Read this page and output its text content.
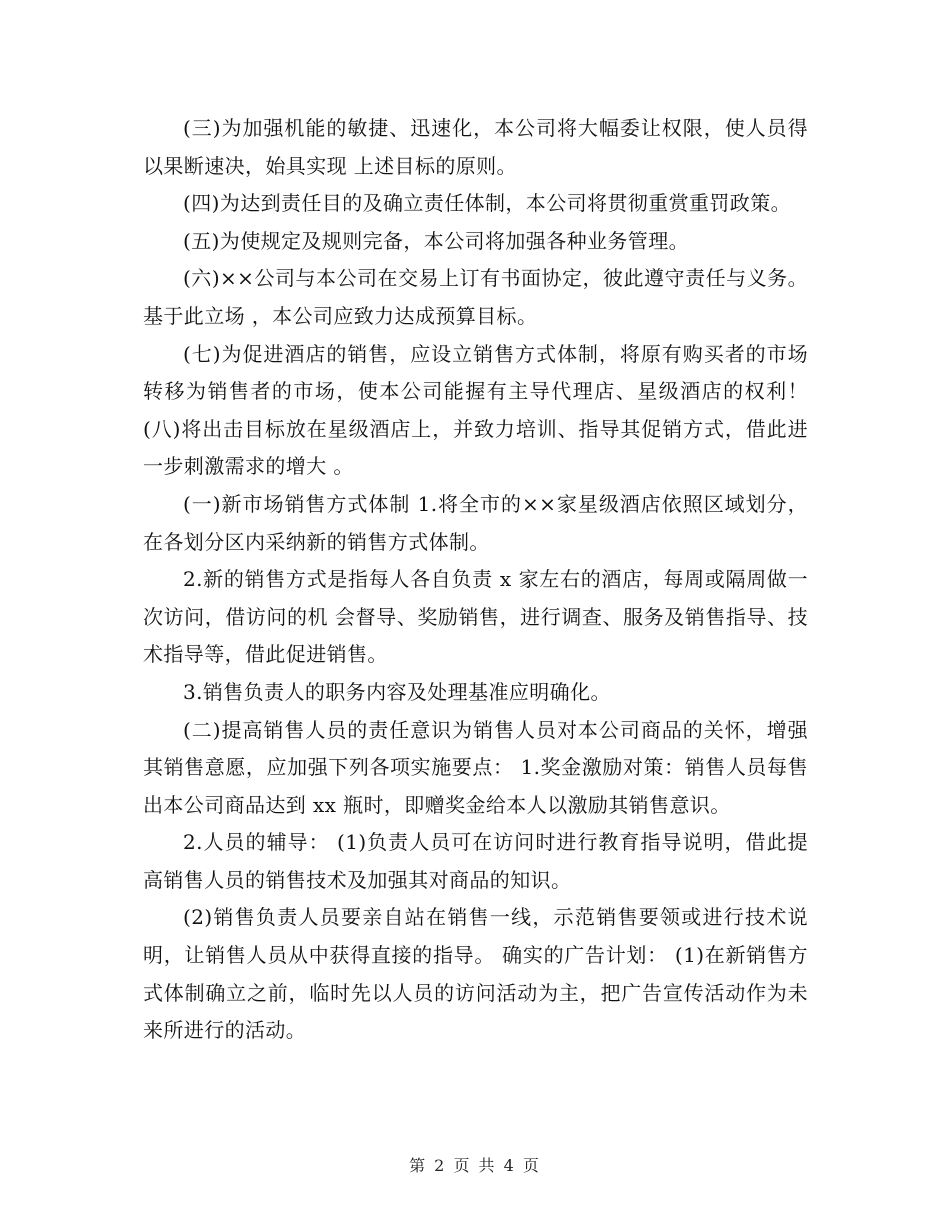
(三)为加强机能的敏捷、迅速化，本公司将大幅委让权限，使人员得以果断速决，始具实现 上述目标的原则。

(四)为达到责任目的及确立责任体制，本公司将贯彻重赏重罚政策。

(五)为使规定及规则完备，本公司将加强各种业务管理。

(六)××公司与本公司在交易上订有书面协定，彼此遵守责任与义务。基于此立场 ，本公司应致力达成预算目标。

(七)为促进酒店的销售，应设立销售方式体制，将原有购买者的市场转移为销售者的市场，使本公司能握有主导代理店、星级酒店的权利！(八)将出击目标放在星级酒店上，并致力培训、指导其促销方式，借此进一步刺激需求的增大 。

(一)新市场销售方式体制 1.将全市的××家星级酒店依照区域划分，在各划分区内采纳新的销售方式体制。

2.新的销售方式是指每人各自负责 x 家左右的酒店，每周或隔周做一次访问，借访问的机 会督导、奖励销售，进行调查、服务及销售指导、技术指导等，借此促进销售。

3.销售负责人的职务内容及处理基准应明确化。

(二)提高销售人员的责任意识为销售人员对本公司商品的关怀，增强其销售意愿，应加强下列各项实施要点： 1.奖金激励对策：销售人员每售出本公司商品达到 xx 瓶时，即赠奖金给本人以激励其销售意识。

2.人员的辅导： (1)负责人员可在访问时进行教育指导说明，借此提高销售人员的销售技术及加强其对商品的知识。

(2)销售负责人员要亲自站在销售一线，示范销售要领或进行技术说明，让销售人员从中获得直接的指导。 确实的广告计划： (1)在新销售方式体制确立之前，临时先以人员的访问活动为主，把广告宣传活动作为未来所进行的活动。

第 2 页 共 4 页
